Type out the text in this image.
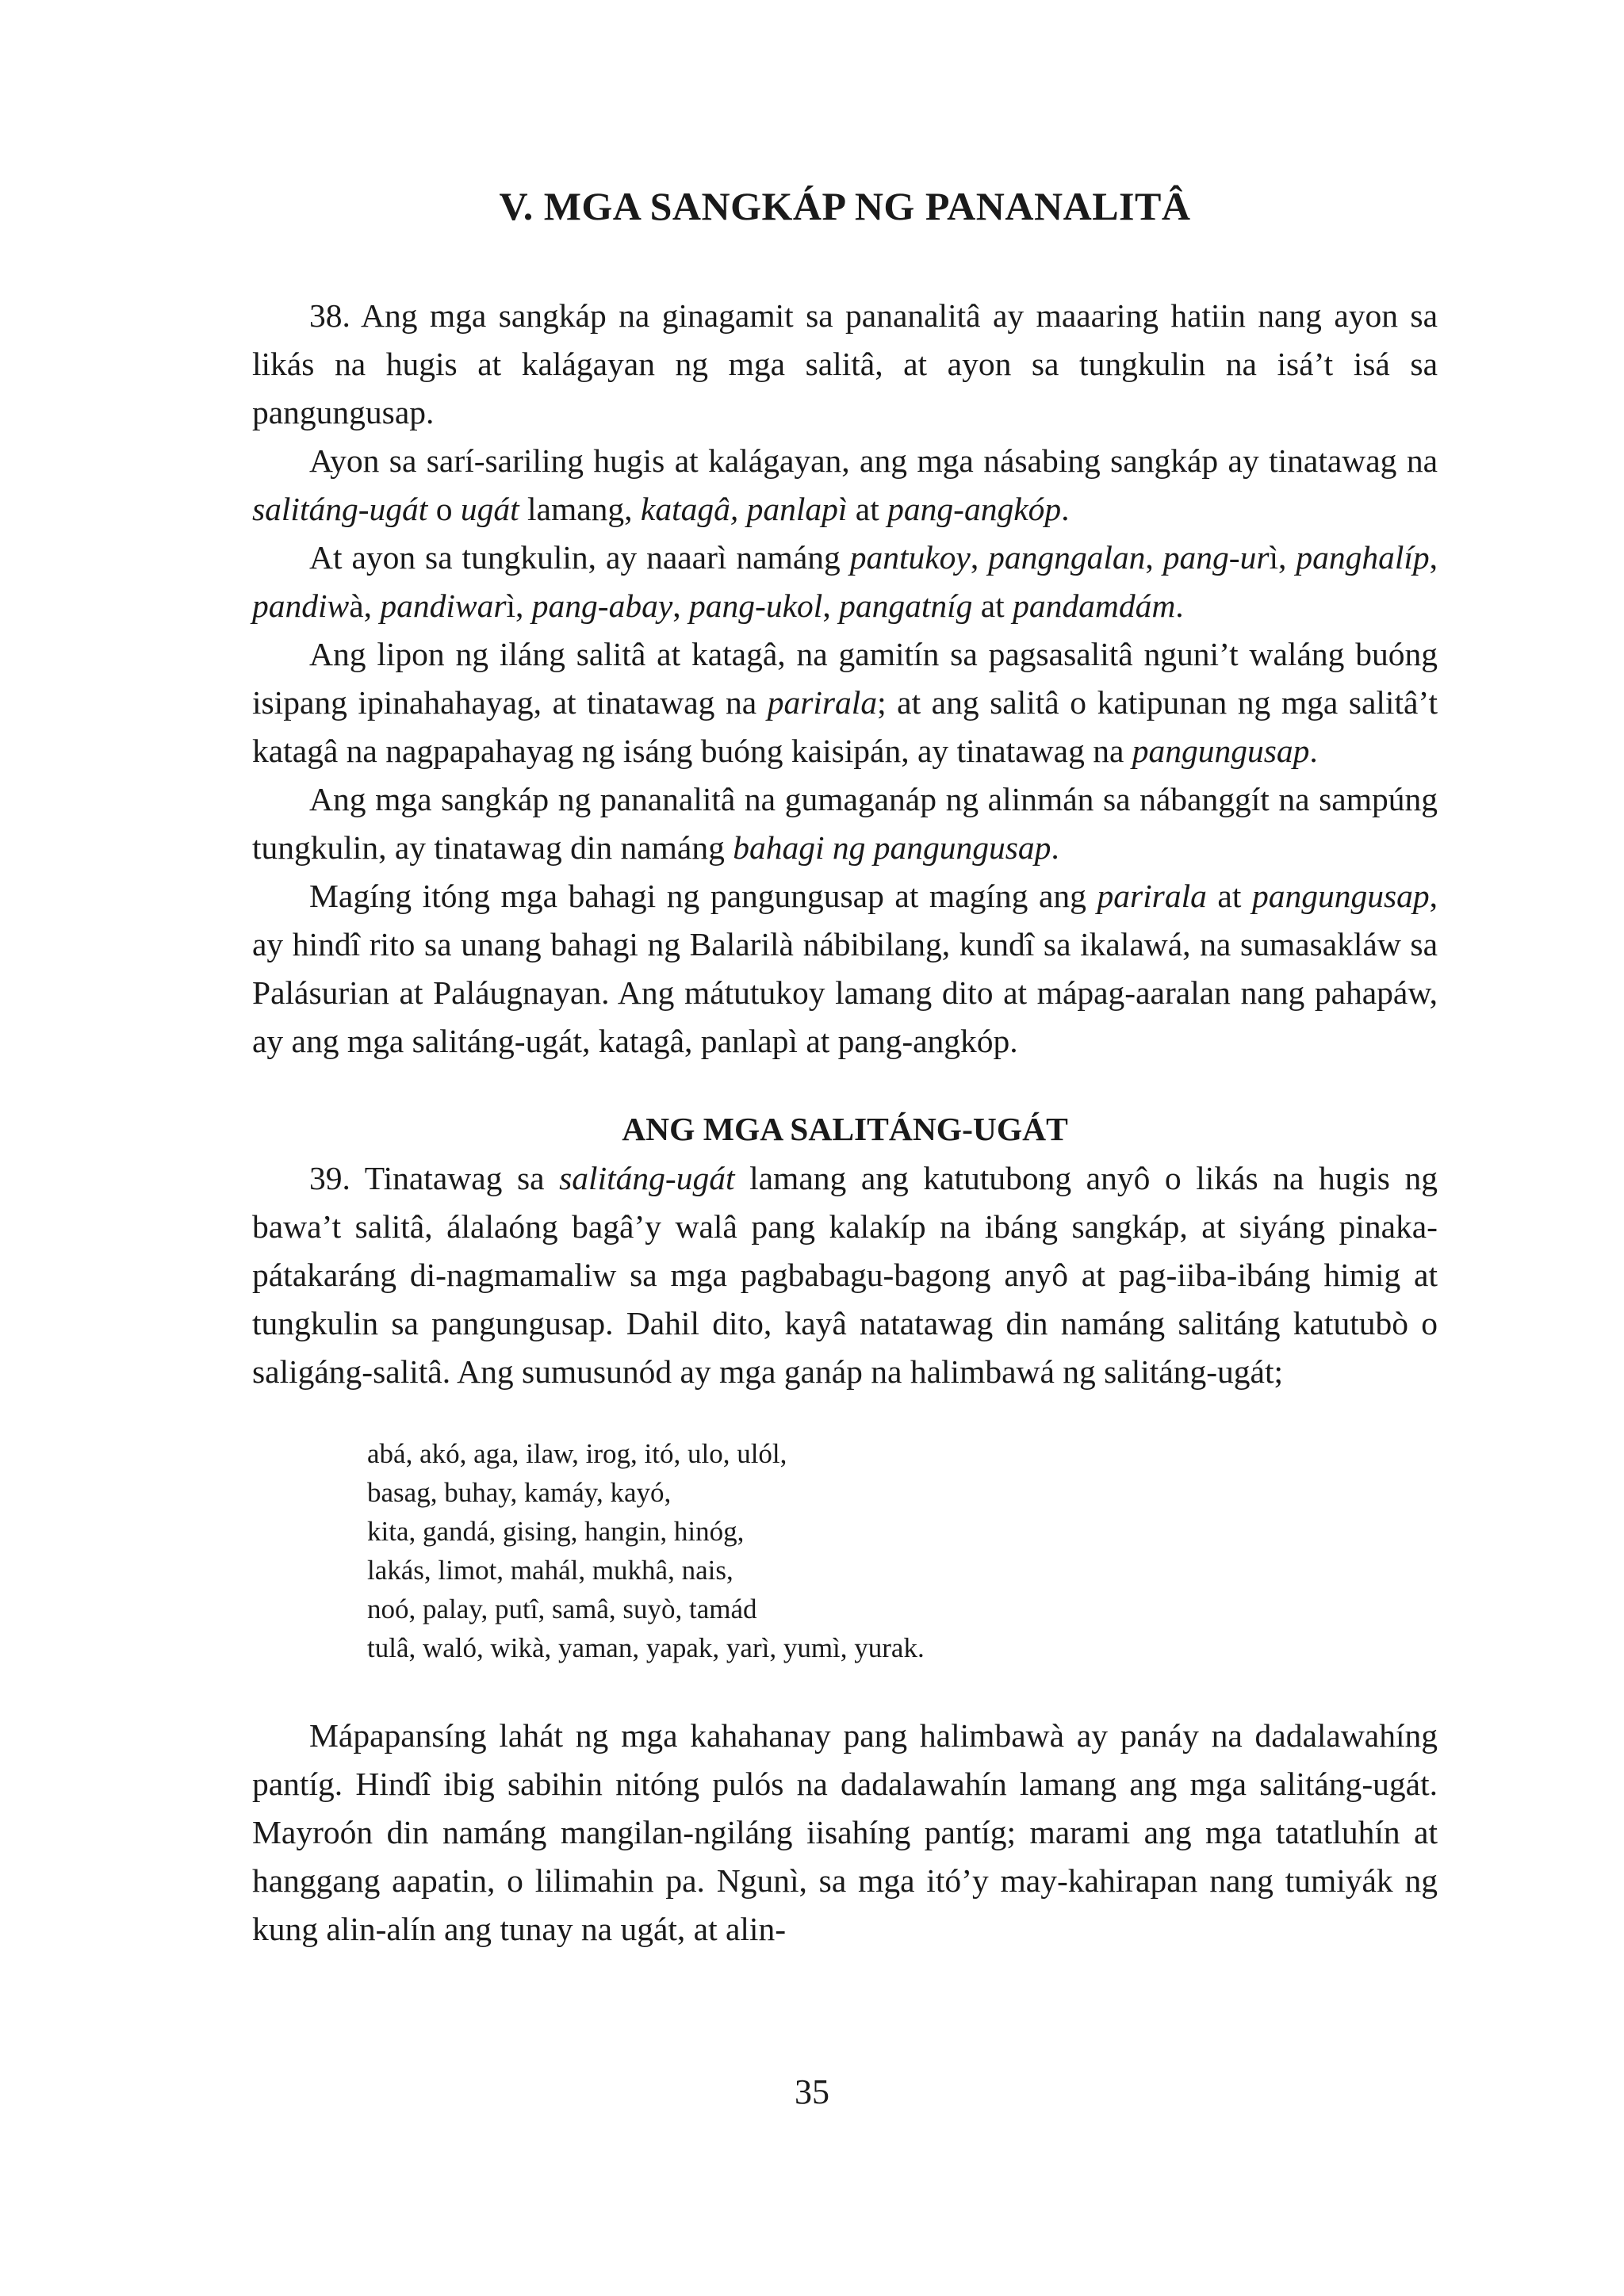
V. MGA SANGKÁP NG PANANALITÂ

38. Ang mga sangkáp na ginagamit sa pananalitâ ay maaaring hatiin nang ayon sa likás na hugis at kalágayan ng mga salitâ, at ayon sa tungkulin na isá’t isá sa pangungusap.

Ayon sa sarí-sariling hugis at kalágayan, ang mga násabing sangkáp ay tinatawag na salitáng-ugát o ugát lamang, katagâ, panlapì at pang-angkóp.

At ayon sa tungkulin, ay naaarì namáng pantukoy, pangngalan, pang-urì, panghalíp, pandiwà, pandiwarì, pang-abay, pang-ukol, pangatníg at pandamdám.

Ang lipon ng iláng salitâ at katagâ, na gamitín sa pagsasalitâ nguni’t waláng buóng isipang ipinahahayag, at tinatawag na parirala; at ang salitâ o katipunan ng mga salitâ’t katagâ na nagpapahayag ng isáng buóng kaisipán, ay tinatawag na pangungusap.

Ang mga sangkáp ng pananalitâ na gumaganáp ng alinmán sa nábanggít na sampúng tungkulin, ay tinatawag din namáng bahagi ng pangungusap.

Magíng itóng mga bahagi ng pangungusap at magíng ang parirala at pangungusap, ay hindî rito sa unang bahagi ng Balarilà nábibilang, kundî sa ikalawá, na sumasakláw sa Palásurian at Paláugnayan. Ang mátutukoy lamang dito at mápag-aaralan nang pahapáw, ay ang mga salitáng-ugát, katagâ, panlapì at pang-angkóp.

ANG MGA SALITÁNG-UGÁT

39. Tinatawag sa salitáng-ugát lamang ang katutubong anyô o likás na hugis ng bawa’t salitâ, álalaóng bagâ’y walâ pang kalakíp na ibáng sangkáp, at siyáng pinaka-pátakaráng di-nagmamaliw sa mga pagbabagu-bagong anyô at pag-iiba-ibáng himig at tungkulin sa pangungusap. Dahil dito, kayâ natatawag din namáng salitáng katutubò o saligáng-salitâ. Ang sumusunód ay mga ganáp na halimbawá ng salitáng-ugát;

abá, akó, aga, ilaw, irog, itó, ulo, ulól,
basag, buhay, kamáy, kayó,
kita, gandá, gising, hangin, hinóg,
lakás, limot, mahál, mukhâ, nais,
noó, palay, putî, samâ, suyò, tamád
tulâ, waló, wikà, yaman, yapak, yarì, yumì, yurak.

Mápapansíng lahát ng mga kahahanay pang halimbawà ay panáy na dadalawahíng pantíg. Hindî ibig sabihin nitóng pulós na dadalawahín lamang ang mga salitáng-ugát. Mayroón din namáng mangilan-ngiláng iisahíng pantíg; marami ang mga tatatluhín at hanggang aapatin, o lilimahin pa. Ngunì, sa mga itó’y may-kahirapan nang tumiyák ng kung alin-alín ang tunay na ugát, at alin-

35
